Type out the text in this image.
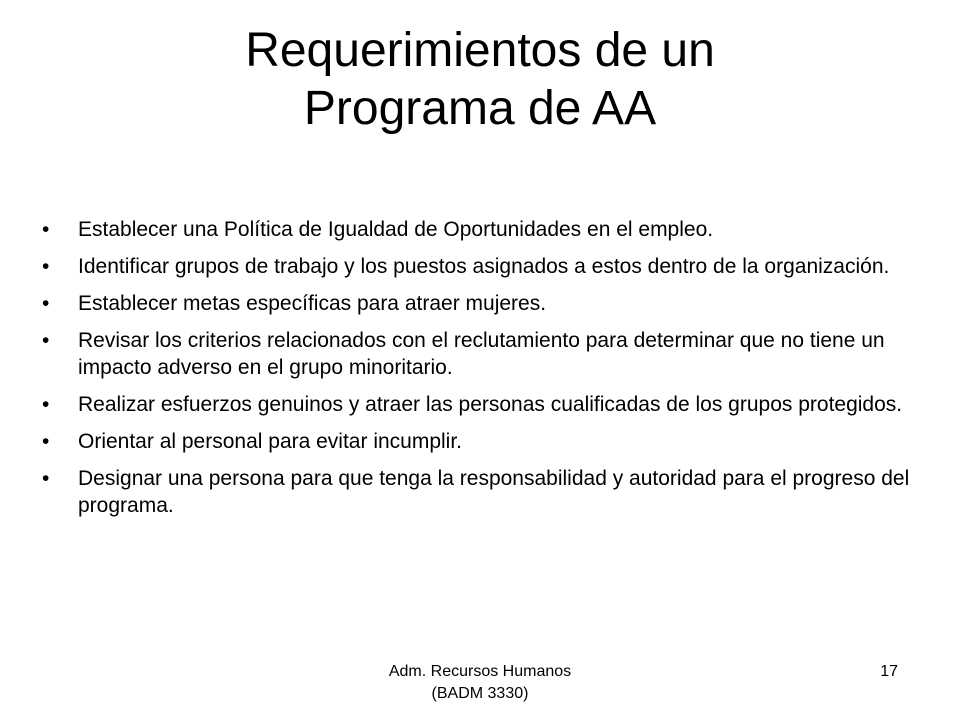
Requerimientos de un
Programa de AA
•	Establecer una Política de Igualdad de Oportunidades en el empleo.
•	Identificar grupos de trabajo y los puestos asignados a estos dentro de la organización.
•	Establecer metas específicas para atraer mujeres.
•	Revisar los criterios relacionados con el reclutamiento para determinar que no tiene un impacto adverso en el grupo minoritario.
•	Realizar esfuerzos genuinos y atraer las personas cualificadas de los grupos protegidos.
•	Orientar al personal para evitar incumplir.
•	Designar una persona para que tenga la responsabilidad y autoridad para el progreso del programa.
Adm. Recursos Humanos
(BADM 3330)
17
